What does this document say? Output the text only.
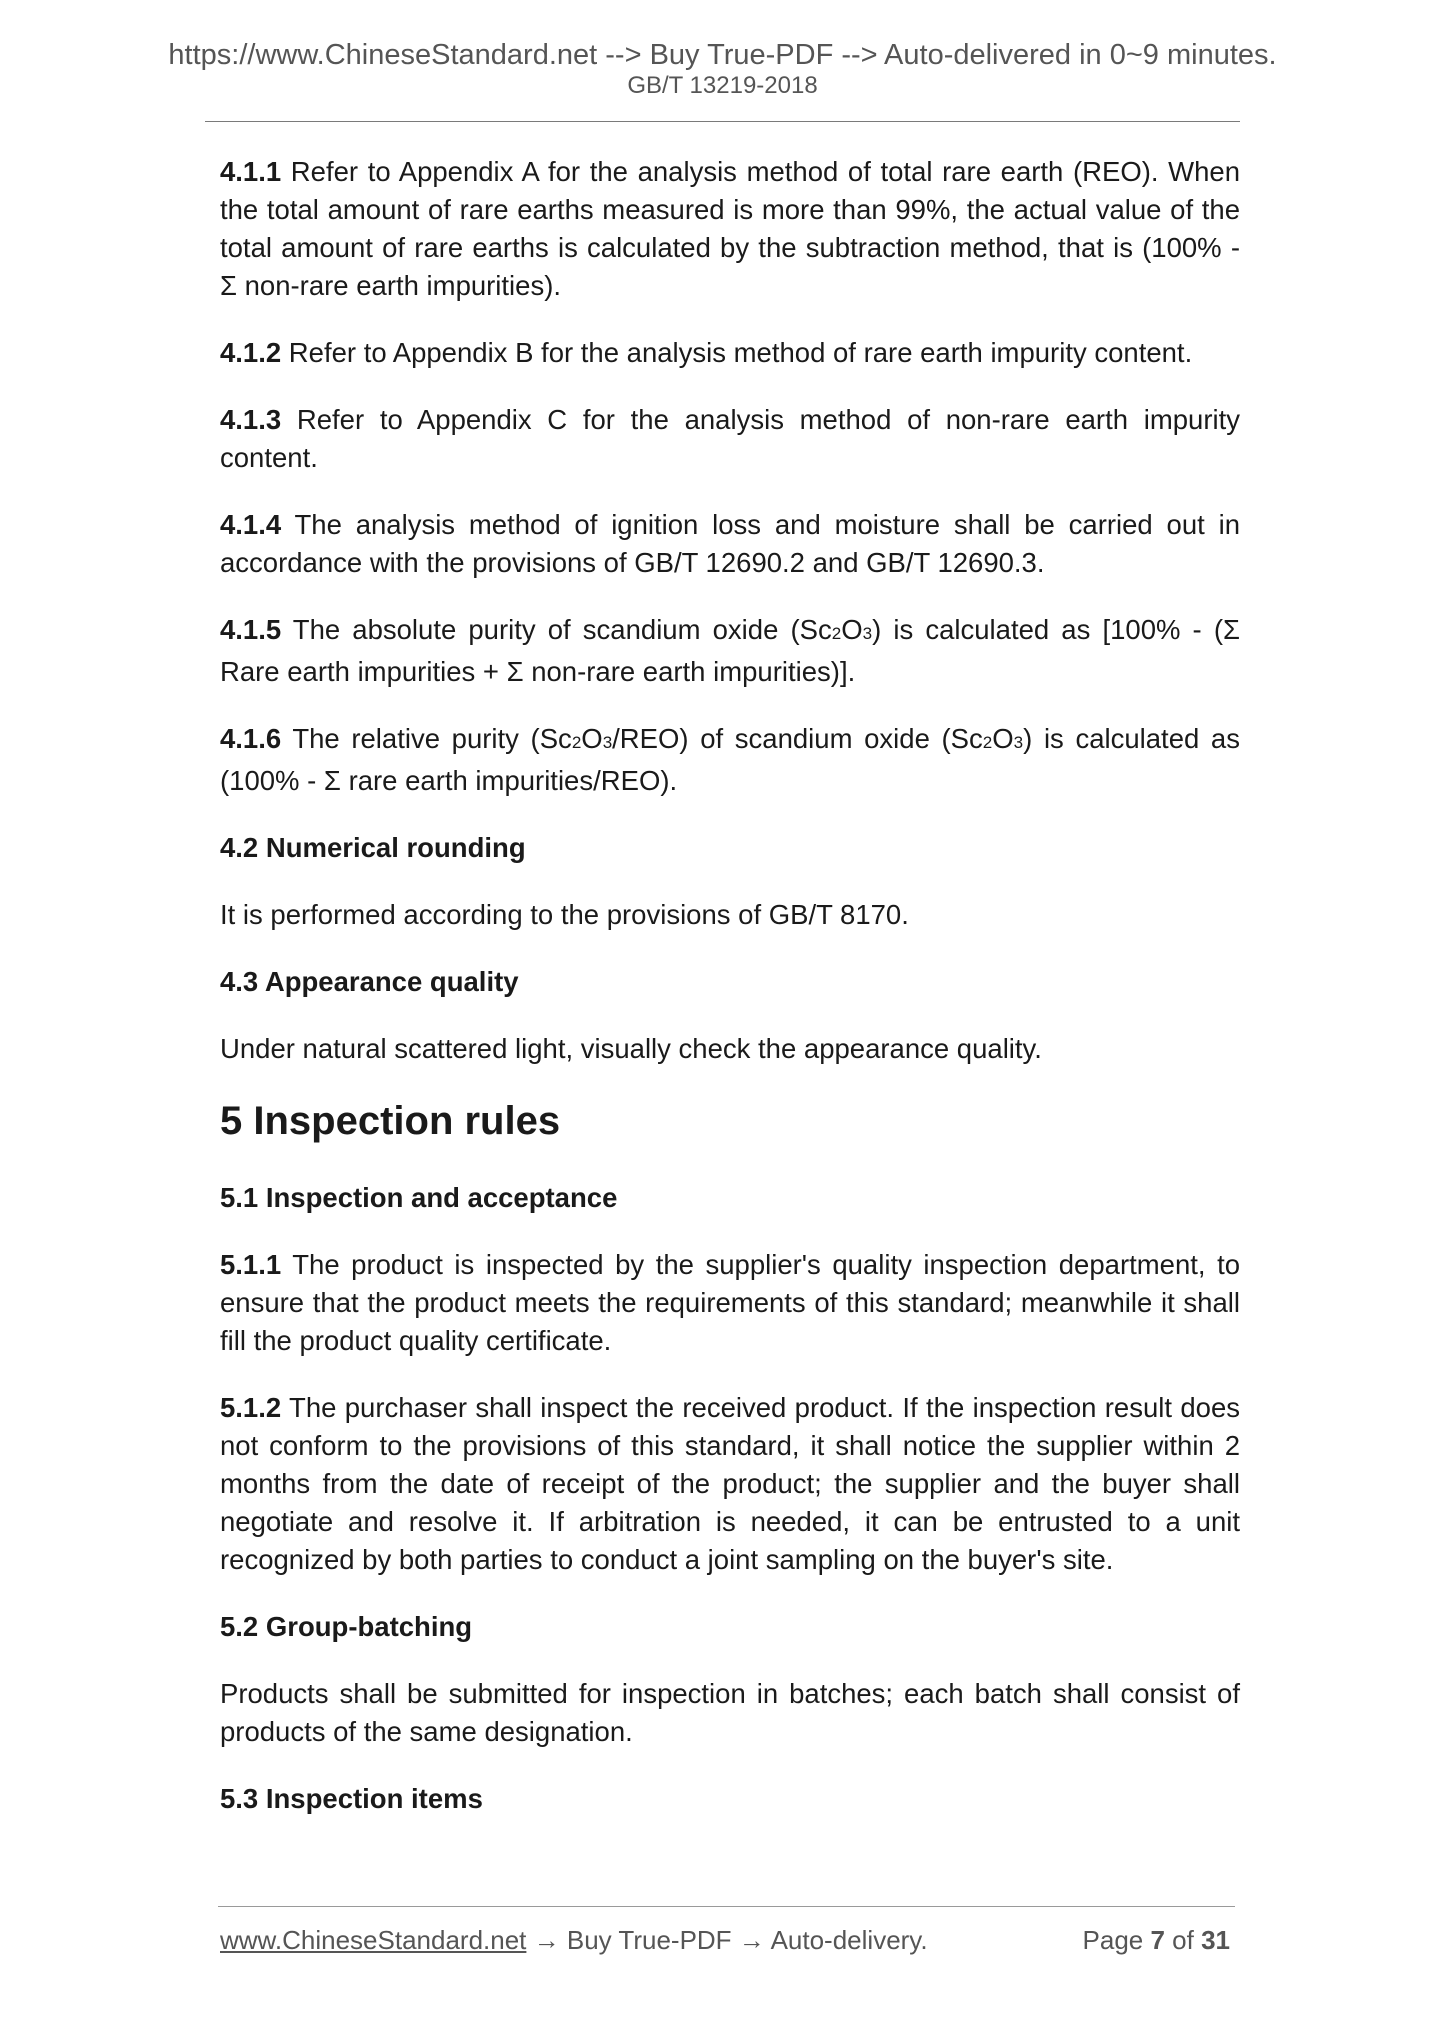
https://www.ChineseStandard.net --> Buy True-PDF --> Auto-delivered in 0~9 minutes.
GB/T 13219-2018

4.1.1 Refer to Appendix A for the analysis method of total rare earth (REO). When the total amount of rare earths measured is more than 99%, the actual value of the total amount of rare earths is calculated by the subtraction method, that is (100% - Σ non-rare earth impurities).

4.1.2 Refer to Appendix B for the analysis method of rare earth impurity content.

4.1.3 Refer to Appendix C for the analysis method of non-rare earth impurity content.

4.1.4 The analysis method of ignition loss and moisture shall be carried out in accordance with the provisions of GB/T 12690.2 and GB/T 12690.3.

4.1.5 The absolute purity of scandium oxide (Sc2O3) is calculated as [100% - (Σ Rare earth impurities + Σ non-rare earth impurities)].

4.1.6 The relative purity (Sc2O3/REO) of scandium oxide (Sc2O3) is calculated as (100% - Σ rare earth impurities/REO).

4.2 Numerical rounding

It is performed according to the provisions of GB/T 8170.

4.3 Appearance quality

Under natural scattered light, visually check the appearance quality.

5 Inspection rules
5.1 Inspection and acceptance

5.1.1 The product is inspected by the supplier's quality inspection department, to ensure that the product meets the requirements of this standard; meanwhile it shall fill the product quality certificate.

5.1.2 The purchaser shall inspect the received product. If the inspection result does not conform to the provisions of this standard, it shall notice the supplier within 2 months from the date of receipt of the product; the supplier and the buyer shall negotiate and resolve it. If arbitration is needed, it can be entrusted to a unit recognized by both parties to conduct a joint sampling on the buyer's site.

5.2 Group-batching

Products shall be submitted for inspection in batches; each batch shall consist of products of the same designation.

5.3 Inspection items
www.ChineseStandard.net → Buy True-PDF → Auto-delivery.	Page 7 of 31
